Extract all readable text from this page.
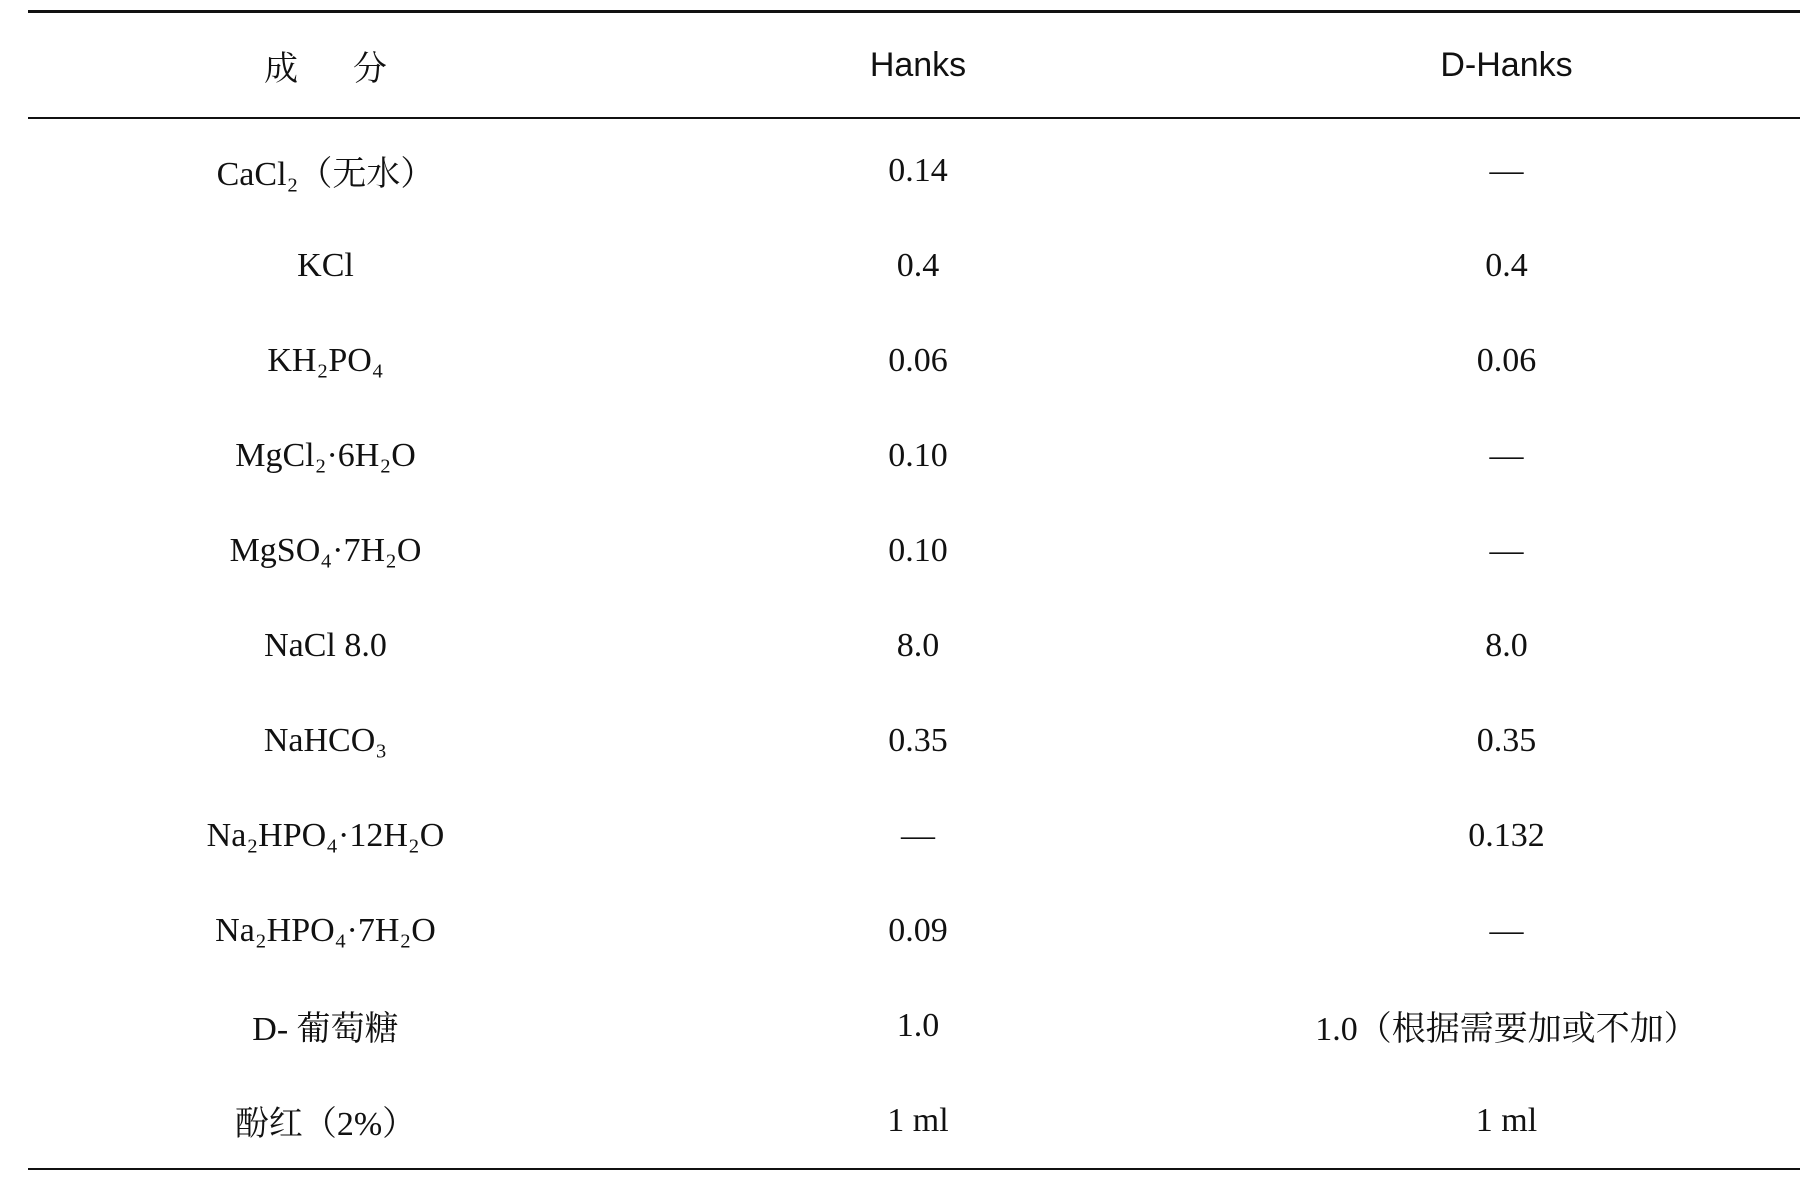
成 分	Hanks	D-Hanks
CaCl₂（无水）	0.14	—
KCl	0.4	0.4
KH₂PO₄	0.06	0.06
MgCl₂·6H₂O	0.10	—
MgSO₄·7H₂O	0.10	—
NaCl 8.0	8.0	8.0
NaHCO₃	0.35	0.35
Na₂HPO₄·12H₂O	—	0.132
Na₂HPO₄·7H₂O	0.09	—
D- 葡萄糖	1.0	1.0（根据需要加或不加）
酚红（2%）	1 ml	1 ml
